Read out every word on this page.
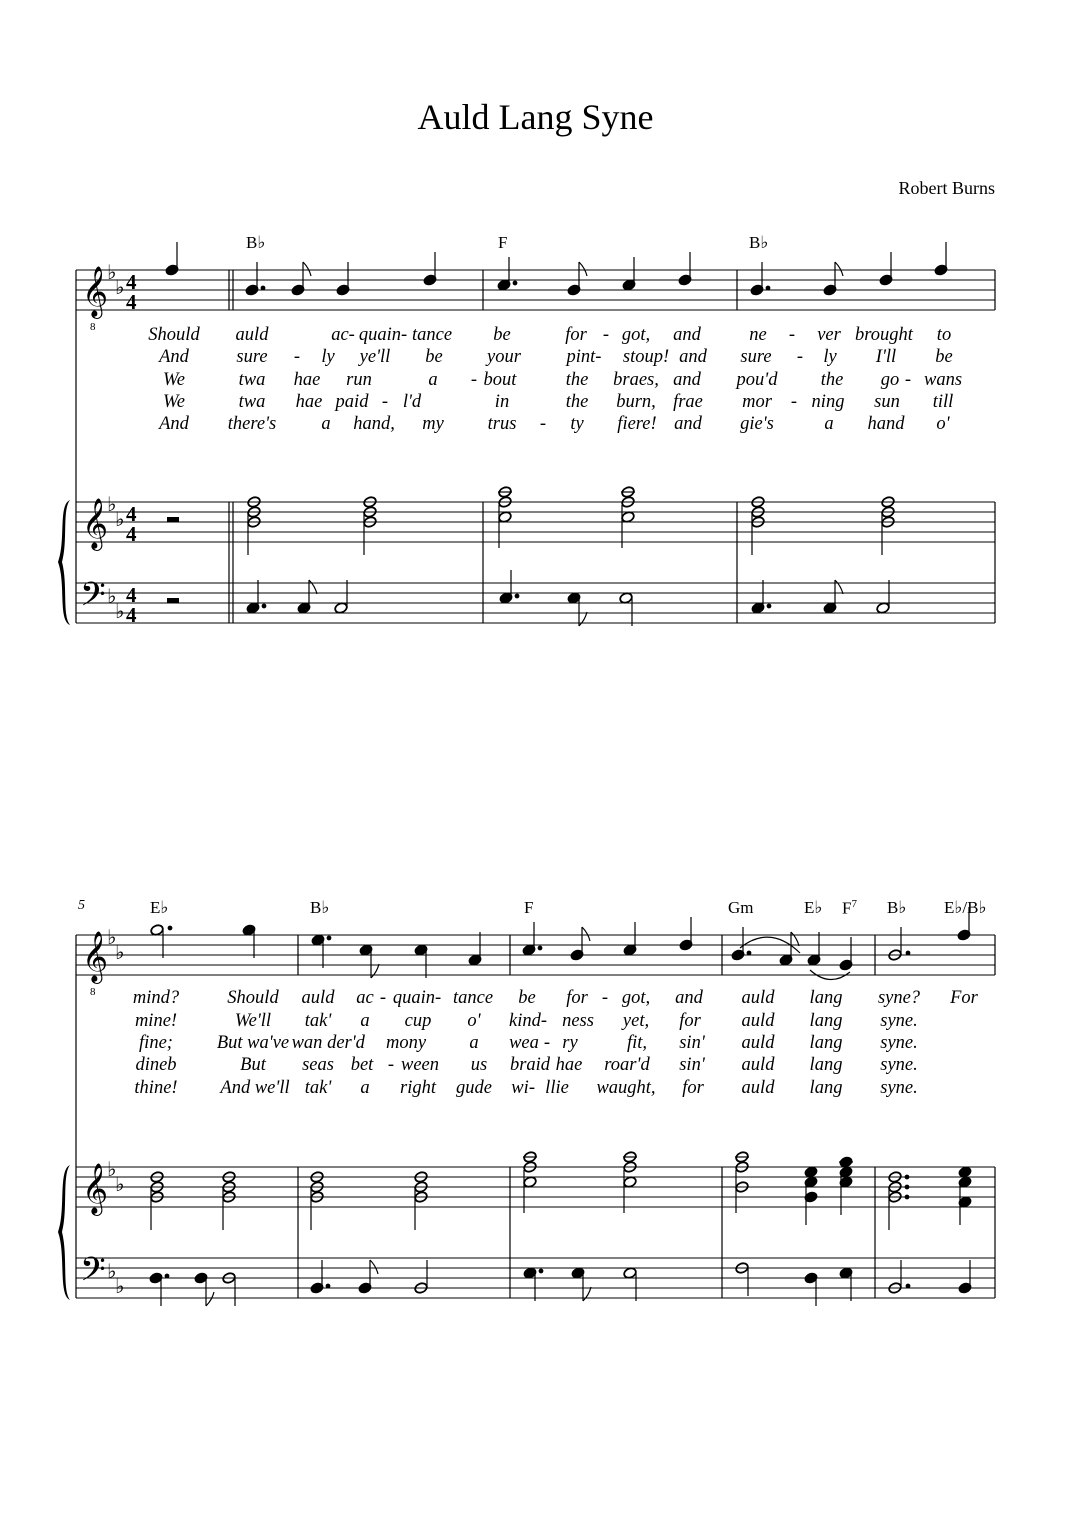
Auld Lang Syne
Robert Burns
B♭	F	B♭
5	E♭	B♭	F	Gm	E♭ $F^7$ B♭ E♭/B♭
Should auld	ac- quain- tance be	for - got, and	ne - ver brought to
And	sure - ly ye'll be your pint- stoup! and sure - ly I'll be
We	twa hae run	a - bout	the braes, and pou'd the go - wans
We	twa hae paid - l'd	in	the burn, frae mor - ning sun till
And there's a hand, my trus - ty fiere! and gie's	a hand o'
mind?	Should auld ac - quain- tance be for - got, and auld lang syne? For
mine!	We'll tak' a cup o' kind- ness yet, for auld lang syne.
fine; But wa've wan der'd mony a wea - ry	fit, sin' auld lang syne.
dineb	But seas bet - ween us braid hae roar'd sin' auld lang syne.
thine! And we'll tak' a right gude wi - llie waught, for auld lang syne.
𝄞
8
𝄞
𝄢
♭
♭
♭
♭
♭
♭
4
4
4
4
4
4
𝄞
8
𝄞
𝄢
♭
♭
♭
♭
♭
♭
